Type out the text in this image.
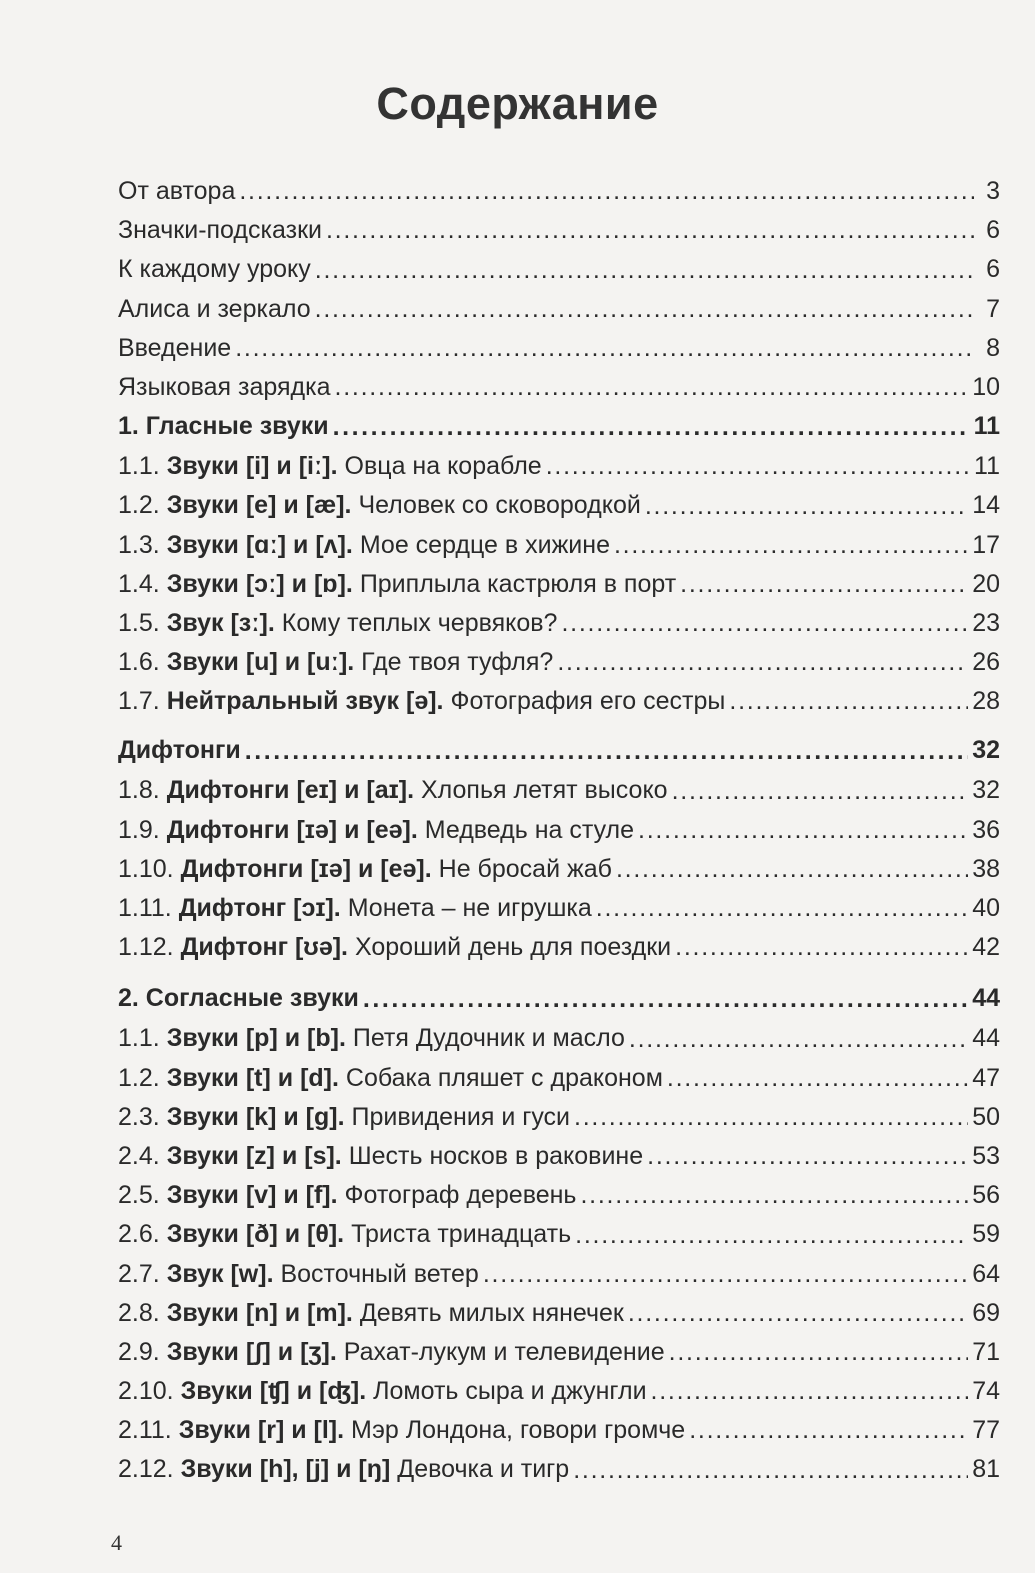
Содержание
От автора . . .	3
Значки-подсказки . . .	6
К каждому уроку . . .	6
Алиса и зеркало . . .	7
Введение . . .	8
Языковая зарядка . . .	10
1. Гласные звуки . . .	11
1.1. Звуки [i] и [iː]. Овца на корабле . . .	11
1.2. Звуки [e] и [æ]. Человек со сковородкой . . .	14
1.3. Звуки [ɑː] и [ʌ]. Мое сердце в хижине . . .	17
1.4. Звуки [ɔː] и [ɒ]. Приплыла кастрюля в порт . . .	20
1.5. Звук [ɜː]. Кому теплых червяков? . . .	23
1.6. Звуки [u] и [uː]. Где твоя туфля? . . .	26
1.7. Нейтральный звук [ə]. Фотография его сестры . . .	28
Дифтонги . . .	32
1.8. Дифтонги [eɪ] и [aɪ]. Хлопья летят высоко . . .	32
1.9. Дифтонги [ɪə] и [eə]. Медведь на стуле . . .	36
1.10. Дифтонги [ɪə] и [eə]. Не бросай жаб . . .	38
1.11. Дифтонг [ɔɪ]. Монета – не игрушка . . .	40
1.12. Дифтонг [ʊə]. Хороший день для поездки . . .	42
2. Согласные звуки . . .	44
1.1. Звуки [p] и [b]. Петя Дудочник и масло . . .	44
1.2. Звуки [t] и [d]. Собака пляшет с драконом . . .	47
2.3. Звуки [k] и [g]. Привидения и гуси . . .	50
2.4. Звуки [z] и [s]. Шесть носков в раковине . . .	53
2.5. Звуки [v] и [f]. Фотограф деревень . . .	56
2.6. Звуки [ð] и [θ]. Триста тринадцать . . .	59
2.7. Звук [w]. Восточный ветер . . .	64
2.8. Звуки [n] и [m]. Девять милых нянечек . . .	69
2.9. Звуки [ʃ] и [ʒ]. Рахат-лукум и телевидение . . .	71
2.10. Звуки [ʧ] и [ʤ]. Ломоть сыра и джунгли . . .	74
2.11. Звуки [r] и [l]. Мэр Лондона, говори громче . . .	77
2.12. Звуки [h], [j] и [ŋ] Девочка и тигр . . .	81
4
